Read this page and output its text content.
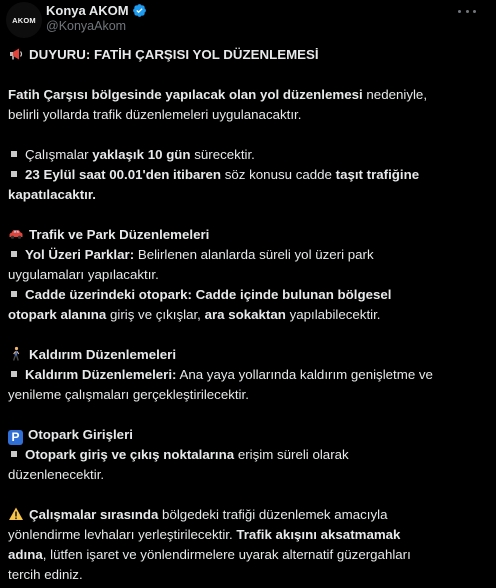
AKOM
Konya AKOM
@KonyaAkom

DUYURU: FATİH ÇARŞISI YOL DÜZENLEMESİ

Fatih Çarşısı bölgesinde yapılacak olan yol düzenlemesi nedeniyle,

belirli yollarda trafik düzenlemeleri uygulanacaktır.

Çalışmalar yaklaşık 10 gün sürecektir.

23 Eylül saat 00.01'den itibaren söz konusu cadde taşıt trafiğine

kapatılacaktır.

Trafik ve Park Düzenlemeleri

Yol Üzeri Parklar: Belirlenen alanlarda süreli yol üzeri park

uygulamaları yapılacaktır.

Cadde üzerindeki otopark: Cadde içinde bulunan bölgesel

otopark alanına giriş ve çıkışlar, ara sokaktan yapılabilecektir.

Kaldırım Düzenlemeleri

Kaldırım Düzenlemeleri: Ana yaya yollarında kaldırım genişletme ve

yenileme çalışmaları gerçekleştirilecektir.

P Otopark Girişleri

Otopark giriş ve çıkış noktalarına erişim süreli olarak

düzenlenecektir.

Çalışmalar sırasında bölgedeki trafiği düzenlemek amacıyla

yönlendirme levhaları yerleştirilecektir. Trafik akışını aksatmamak

adına, lütfen işaret ve yönlendirmelere uyarak alternatif güzergahları

tercih ediniz.
